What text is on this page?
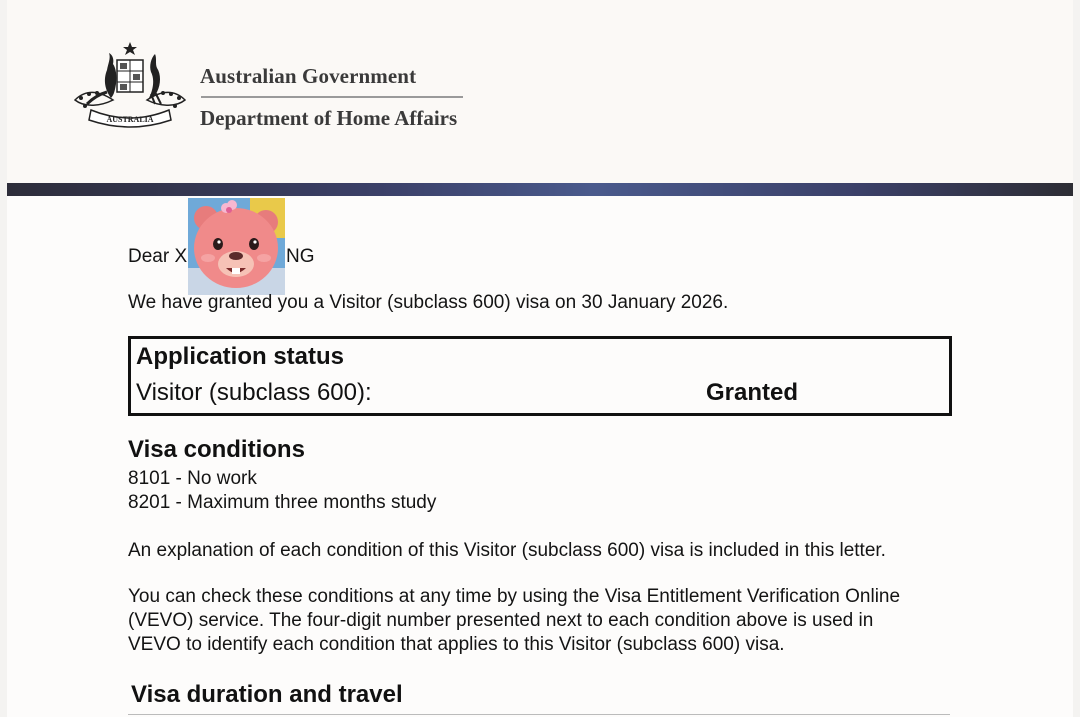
AUSTRALIA
Australian Government
Department of Home Affairs
Dear X	NG
We have granted you a Visitor (subclass 600) visa on 30 January 2026.
Application status
Visitor (subclass 600):	Granted
Visa conditions
8101 - No work
8201 - Maximum three months study
An explanation of each condition of this Visitor (subclass 600) visa is included in this letter.
You can check these conditions at any time by using the Visa Entitlement Verification Online
(VEVO) service. The four-digit number presented next to each condition above is used in
VEVO to identify each condition that applies to this Visitor (subclass 600) visa.
Visa duration and travel
